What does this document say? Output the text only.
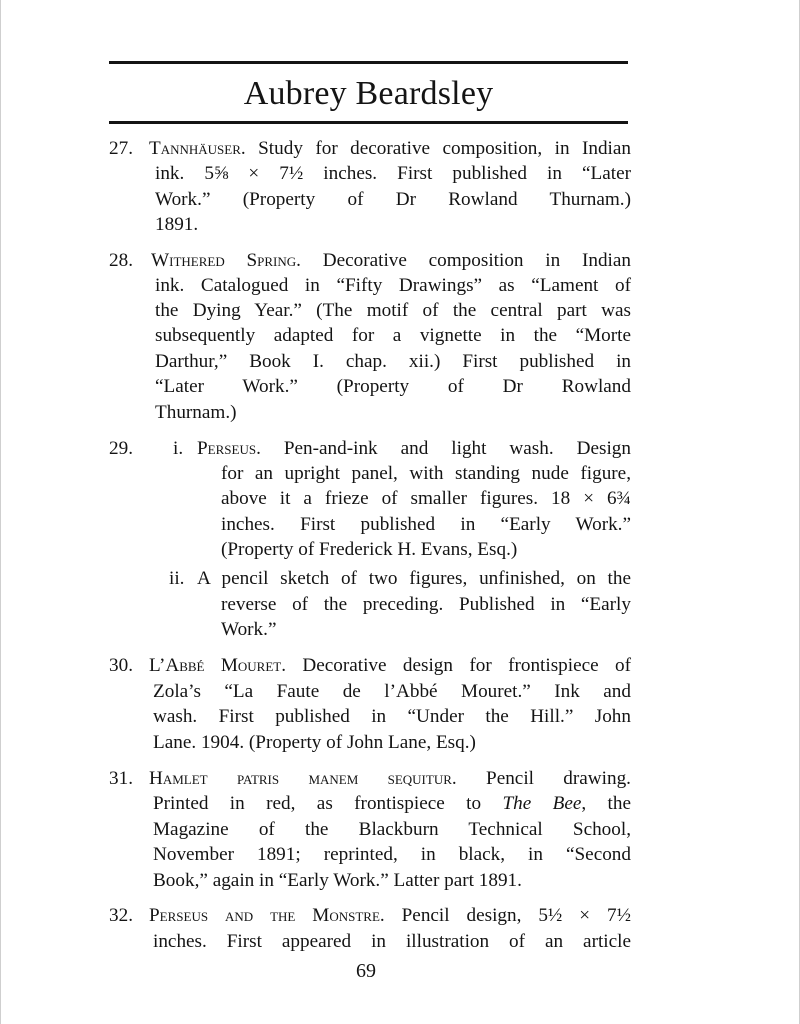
Aubrey Beardsley
27. Tannhäuser. Study for decorative composition, in Indian
ink. 5⅝ × 7½ inches. First published in “Later
Work.” (Property of Dr Rowland Thurnam.)
1891.
28. Withered Spring. Decorative composition in Indian
ink. Catalogued in “Fifty Drawings” as “Lament of
the Dying Year.” (The motif of the central part was
subsequently adapted for a vignette in the “Morte
Darthur,” Book I. chap. xii.) First published in
“Later Work.” (Property of Dr Rowland
Thurnam.)
29. i. Perseus. Pen-and-ink and light wash. Design
for an upright panel, with standing nude figure,
above it a frieze of smaller figures. 18 × 6¾
inches. First published in “Early Work.”
(Property of Frederick H. Evans, Esq.)
ii. A pencil sketch of two figures, unfinished, on the
reverse of the preceding. Published in “Early
Work.”
30. L’Abbé Mouret. Decorative design for frontispiece of
Zola’s “La Faute de l’Abbé Mouret.” Ink and
wash. First published in “Under the Hill.” John
Lane. 1904. (Property of John Lane, Esq.)
31. Hamlet patris manem sequitur. Pencil drawing.
Printed in red, as frontispiece to The Bee, the
Magazine of the Blackburn Technical School,
November 1891; reprinted, in black, in “Second
Book,” again in “Early Work.” Latter part 1891.
32. Perseus and the Monstre. Pencil design, 5½ × 7½
inches. First appeared in illustration of an article
69
